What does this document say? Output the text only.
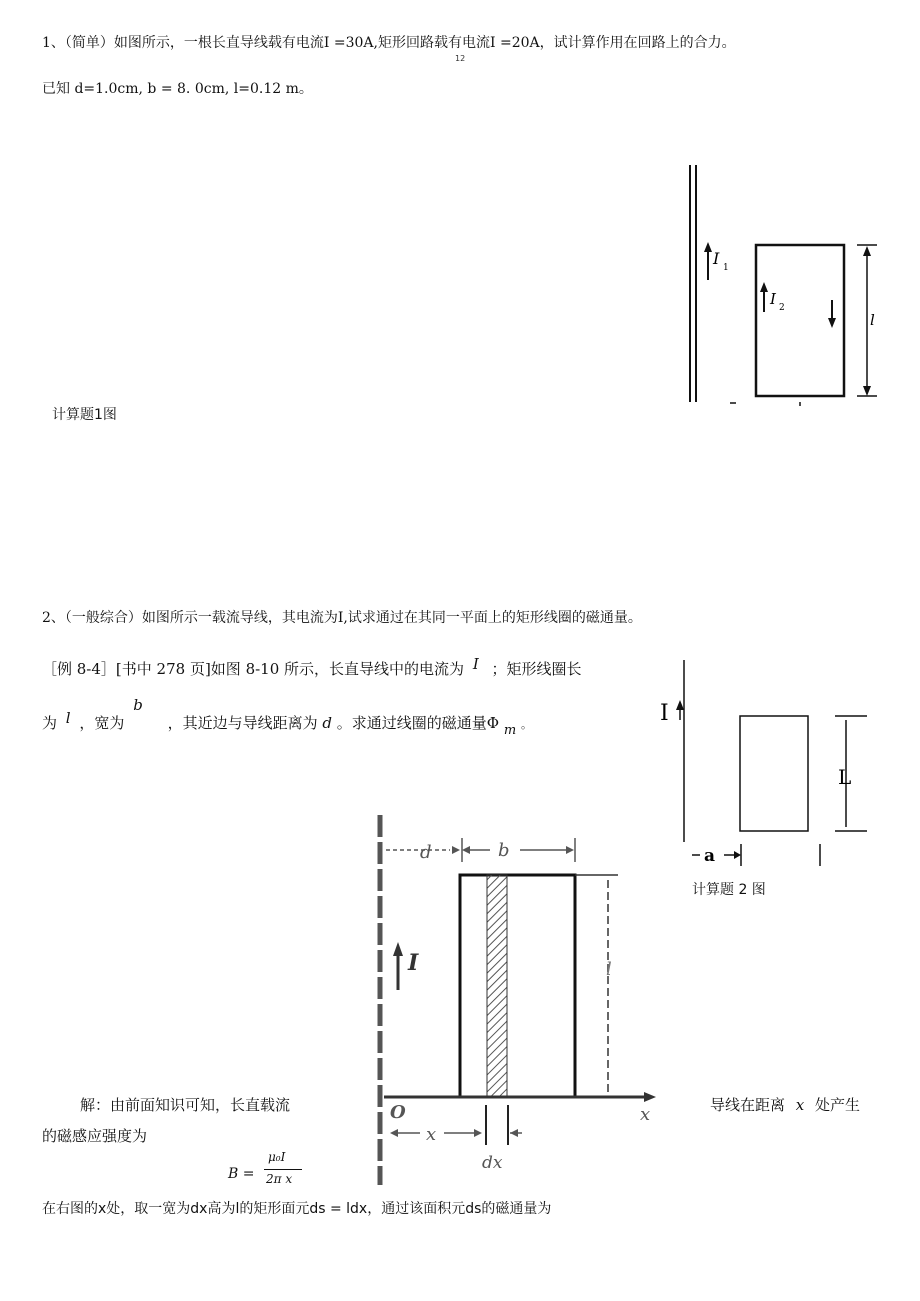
1、（简单）如图所示，一根长直导线载有电流I =30A,矩形回路载有电流I =20A，试计算作用在回路上的合力。
12
已知 d=1.0cm, b = 8. 0cm, l=0.12 m。
I 1
I 2
l
计算题1图
2、（一般综合）如图所示一载流导线，其电流为I,试求通过在其同一平面上的矩形线圈的磁通量。
［例 8-4］[书中 278 页]如图 8-10 所示，长直导线中的电流为 I ；矩形线圈长
为 l ，宽为 b ，其近边与导线距离为 d 。求通过线圈的磁通量Φ m 。	I
L
a
计算题 2 图
d	b
l
I
O	x
x
dx
解：由前面知识可知，长直载流	导线在距离 x 处产生
的磁感应强度为
B =
μ₀I
2π x
在右图的x处，取一宽为dx高为l的矩形面元ds = ldx，通过该面积元ds的磁通量为
